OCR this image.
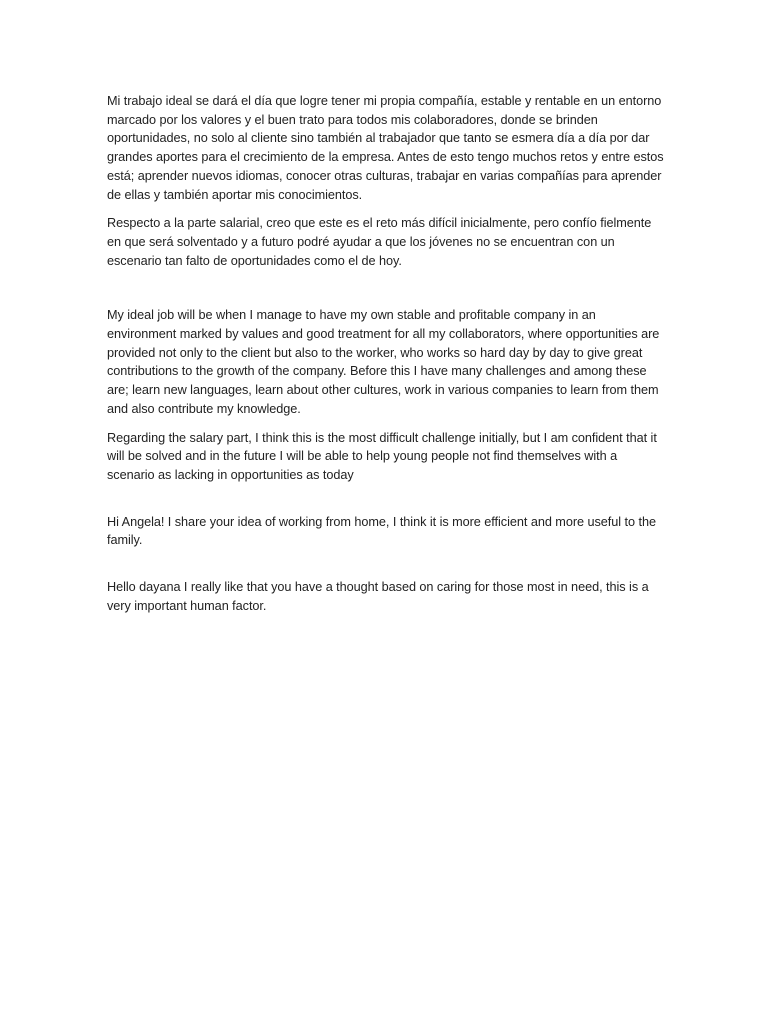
Mi trabajo ideal se dará el día que logre tener mi propia compañía, estable y rentable en un entorno marcado por los valores y el buen trato para todos mis colaboradores, donde se brinden oportunidades, no solo al cliente sino también al trabajador que tanto se esmera día a día por dar grandes aportes para el crecimiento de la empresa. Antes de esto tengo muchos retos y entre estos está; aprender nuevos idiomas, conocer otras culturas, trabajar en varias compañías para aprender de ellas y también aportar mis conocimientos.

Respecto a la parte salarial, creo que este es el reto más difícil inicialmente, pero confío fielmente en que será solventado y a futuro podré ayudar a que los jóvenes no se encuentran con un escenario tan falto de oportunidades como el de hoy.

My ideal job will be when I manage to have my own stable and profitable company in an environment marked by values and good treatment for all my collaborators, where opportunities are provided not only to the client but also to the worker, who works so hard day by day to give great contributions to the growth of the company. Before this I have many challenges and among these are; learn new languages, learn about other cultures, work in various companies to learn from them and also contribute my knowledge.

Regarding the salary part, I think this is the most difficult challenge initially, but I am confident that it will be solved and in the future I will be able to help young people not find themselves with a scenario as lacking in opportunities as today

Hi Angela! I share your idea of working from home, I think it is more efficient and more useful to the family.

Hello dayana I really like that you have a thought based on caring for those most in need, this is a very important human factor.
